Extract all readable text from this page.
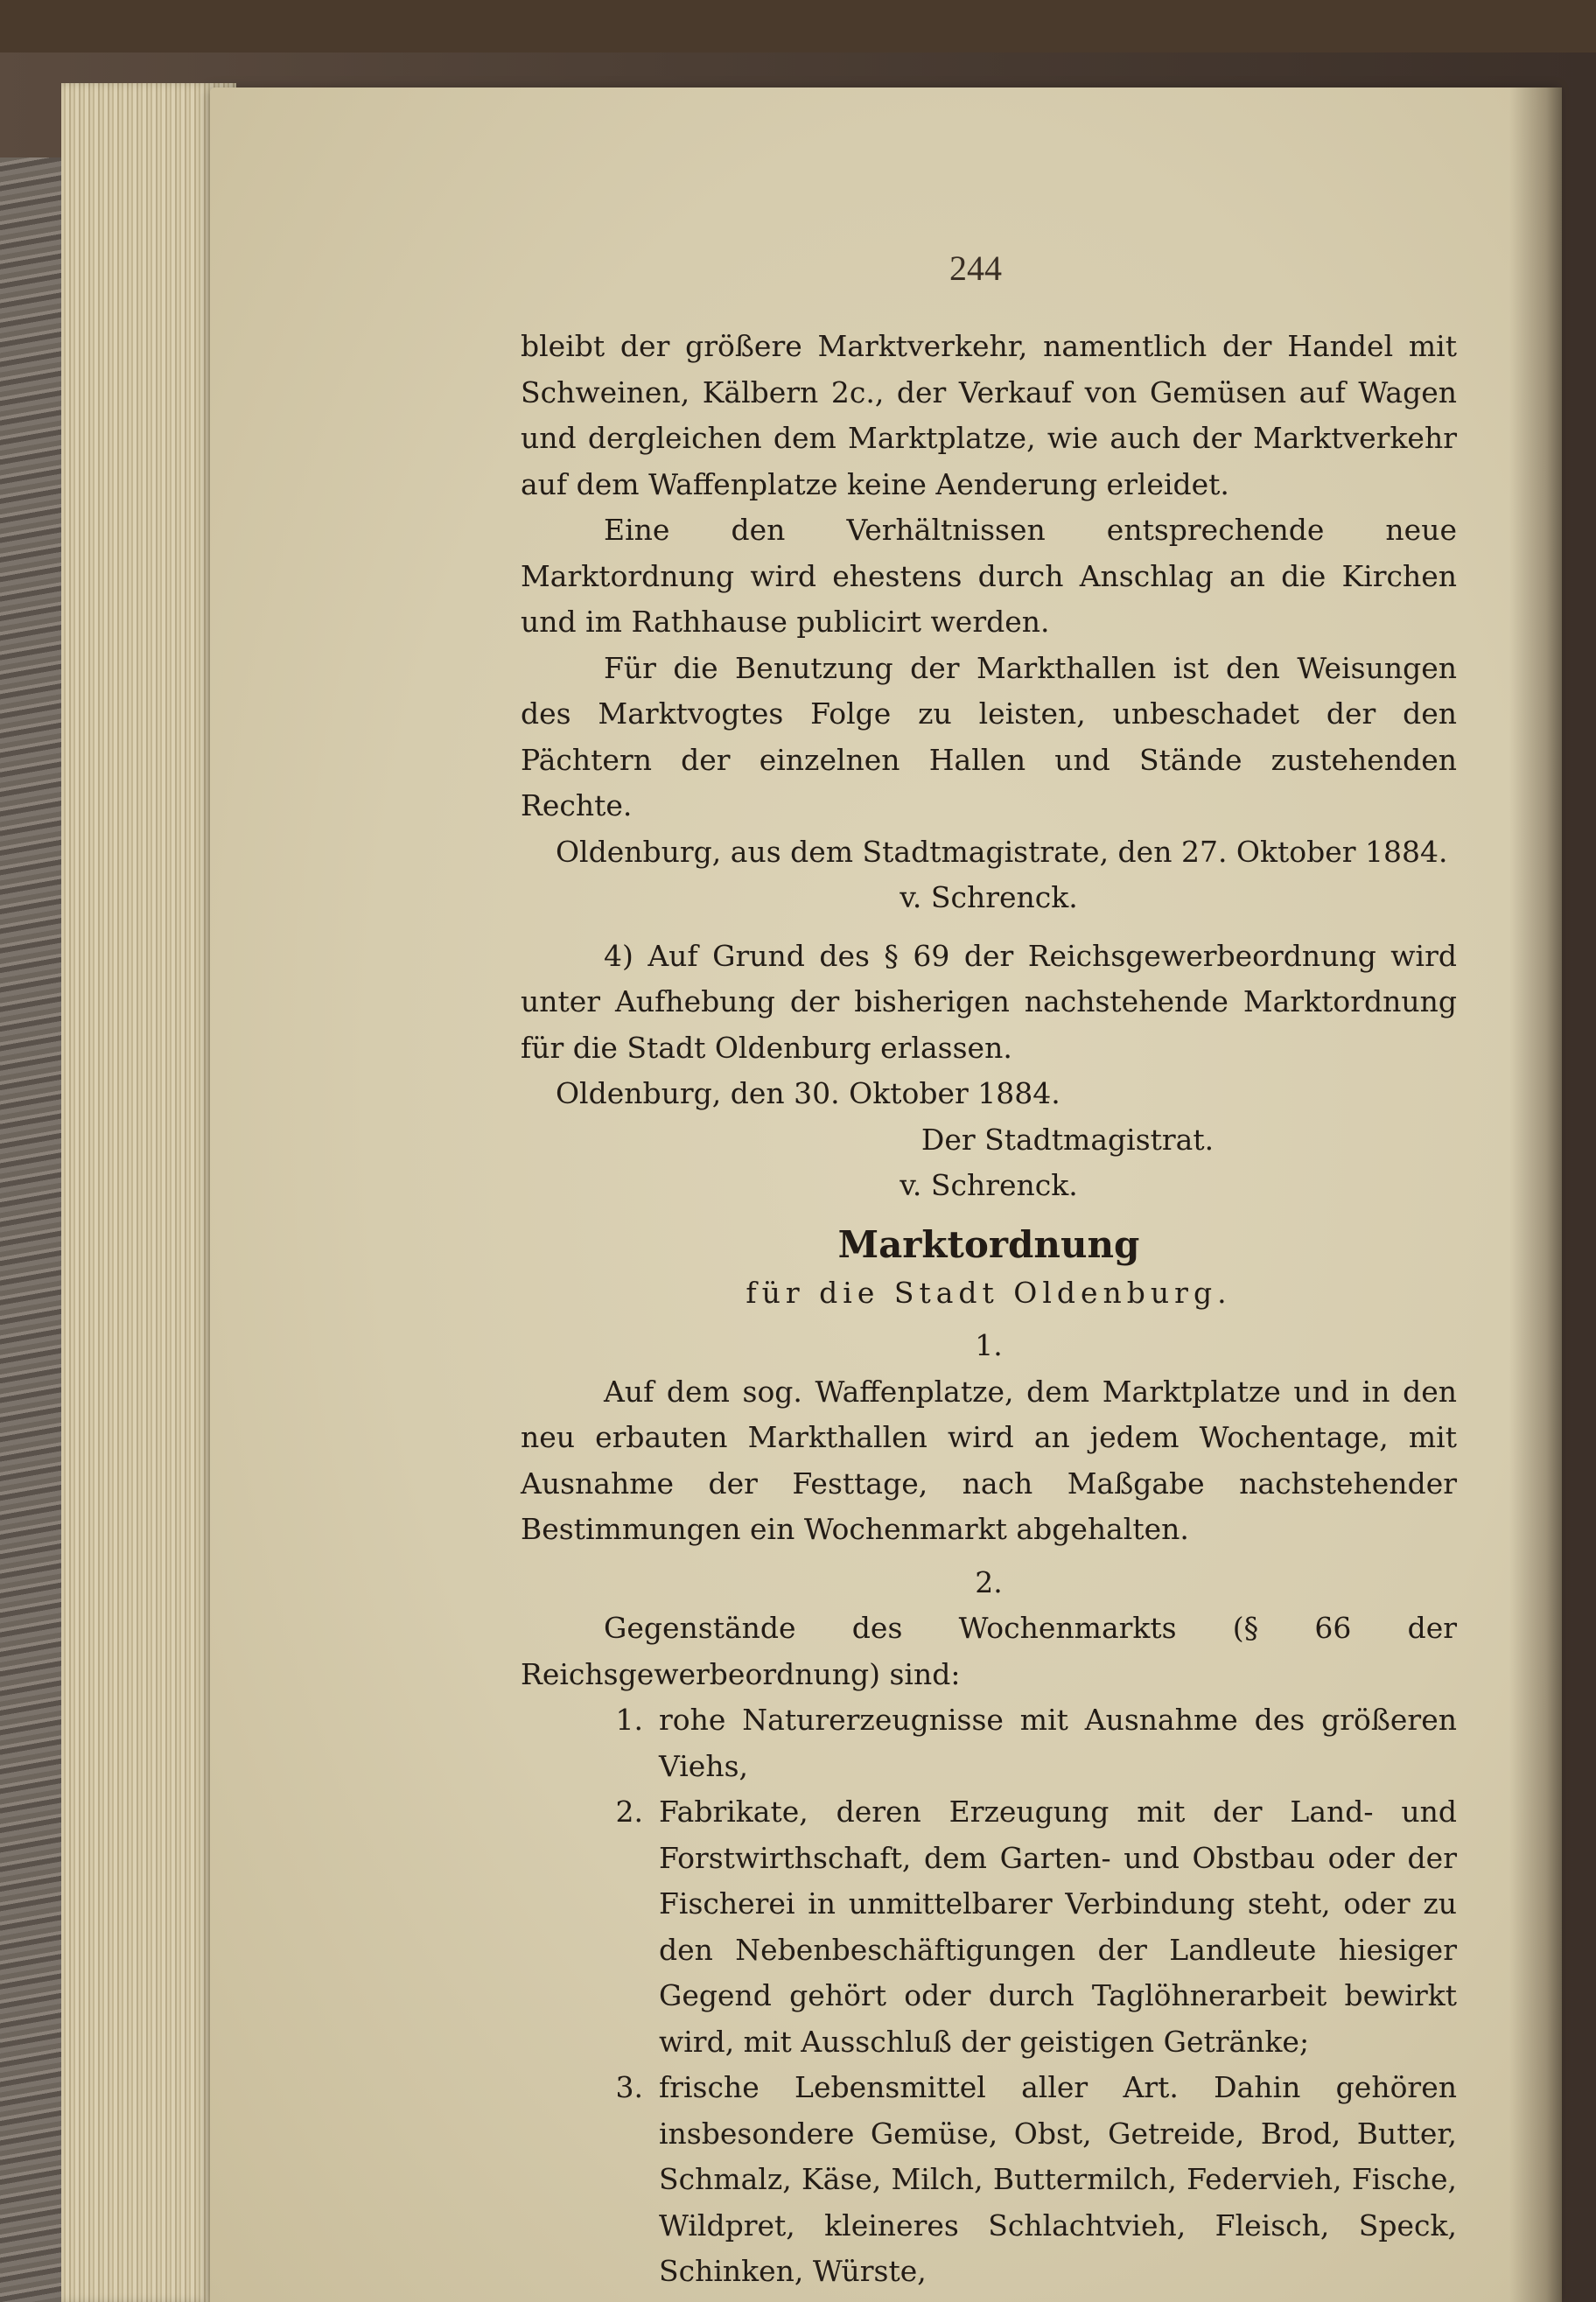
244

bleibt der größere Marktverkehr, namentlich der Handel mit Schweinen, Kälbern 2c., der Verkauf von Gemüsen auf Wagen und dergleichen dem Marktplatze, wie auch der Marktverkehr auf dem Waffenplatze keine Aenderung erleidet.

Eine den Verhältnissen entsprechende neue Marktordnung wird ehestens durch Anschlag an die Kirchen und im Rathhause publicirt werden.

Für die Benutzung der Markthallen ist den Weisungen des Marktvogtes Folge zu leisten, unbeschadet der den Pächtern der einzelnen Hallen und Stände zustehenden Rechte.

Oldenburg, aus dem Stadtmagistrate, den 27. Oktober 1884.

v. Schrenck.

4) Auf Grund des § 69 der Reichsgewerbeordnung wird unter Aufhebung der bisherigen nachstehende Marktordnung für die Stadt Oldenburg erlassen.

Oldenburg, den 30. Oktober 1884.

Der Stadtmagistrat.

v. Schrenck.

Marktordnung

für die Stadt Oldenburg.

1.

Auf dem sog. Waffenplatze, dem Marktplatze und in den neu erbauten Markthallen wird an jedem Wochentage, mit Ausnahme der Festtage, nach Maßgabe nachstehender Bestimmungen ein Wochenmarkt abgehalten.

2.

Gegenstände des Wochenmarkts (§ 66 der Reichsgewerbeordnung) sind:

1. rohe Naturerzeugnisse mit Ausnahme des größeren Viehs,
2. Fabrikate, deren Erzeugung mit der Land- und Forstwirthschaft, dem Garten- und Obstbau oder der Fischerei in unmittelbarer Verbindung steht, oder zu den Nebenbeschäftigungen der Landleute hiesiger Gegend gehört oder durch Taglöhnerarbeit bewirkt wird, mit Ausschluß der geistigen Getränke;
3. frische Lebensmittel aller Art. Dahin gehören insbesondere Gemüse, Obst, Getreide, Brod, Butter, Schmalz, Käse, Milch, Buttermilch, Federvieh, Fische, Wildpret, kleineres Schlachtvieh, Fleisch, Speck, Schinken, Würste,
